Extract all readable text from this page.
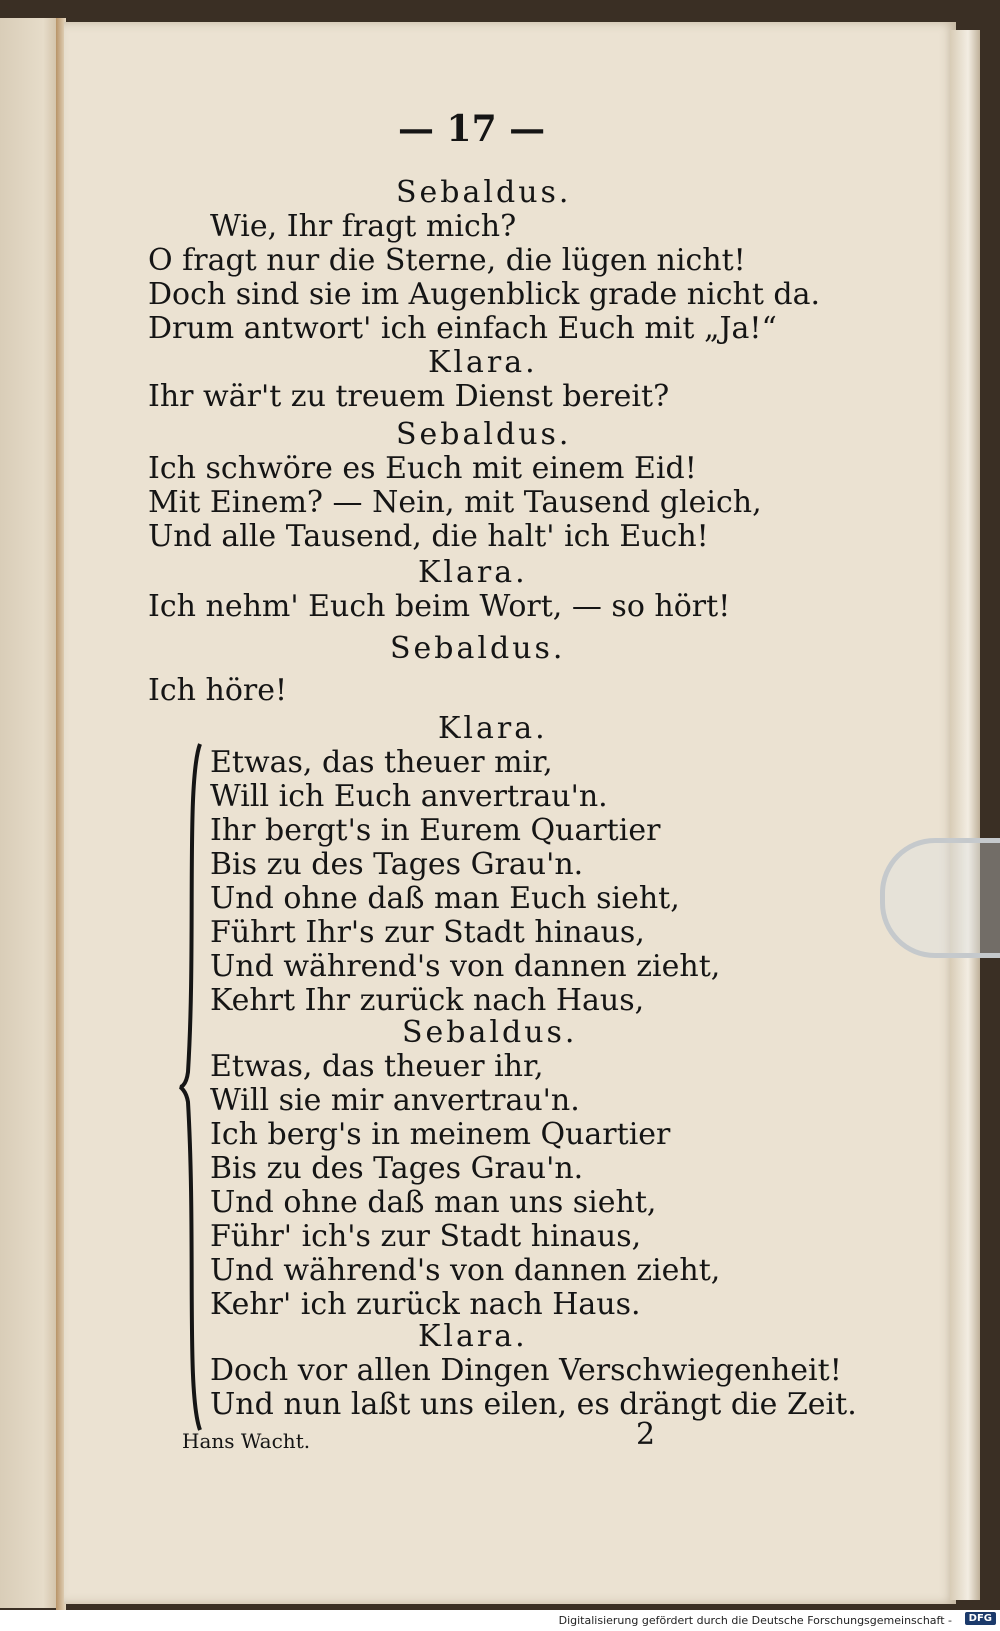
— 17 —
Sebaldus.
Wie, Ihr fragt mich?
O fragt nur die Sterne, die lügen nicht!
Doch sind sie im Augenblick grade nicht da.
Drum antwort' ich einfach Euch mit „Ja!“
Klara.
Ihr wär't zu treuem Dienst bereit?
Sebaldus.
Ich schwöre es Euch mit einem Eid!
Mit Einem? — Nein, mit Tausend gleich,
Und alle Tausend, die halt' ich Euch!
Klara.
Ich nehm' Euch beim Wort, — so hört!
Sebaldus.
Ich höre!
Klara.
Etwas, das theuer mir,
Will ich Euch anvertrau'n.
Ihr bergt's in Eurem Quartier
Bis zu des Tages Grau'n.
Und ohne daß man Euch sieht,
Führt Ihr's zur Stadt hinaus,
Und während's von dannen zieht,
Kehrt Ihr zurück nach Haus,
Sebaldus.
Etwas, das theuer ihr,
Will sie mir anvertrau'n.
Ich berg's in meinem Quartier
Bis zu des Tages Grau'n.
Und ohne daß man uns sieht,
Führ' ich's zur Stadt hinaus,
Und während's von dannen zieht,
Kehr' ich zurück nach Haus.
Klara.
Doch vor allen Dingen Verschwiegenheit!
Und nun laßt uns eilen, es drängt die Zeit.
Hans Wacht.	2
Digitalisierung gefördert durch die Deutsche Forschungsgemeinschaft -	DFG
